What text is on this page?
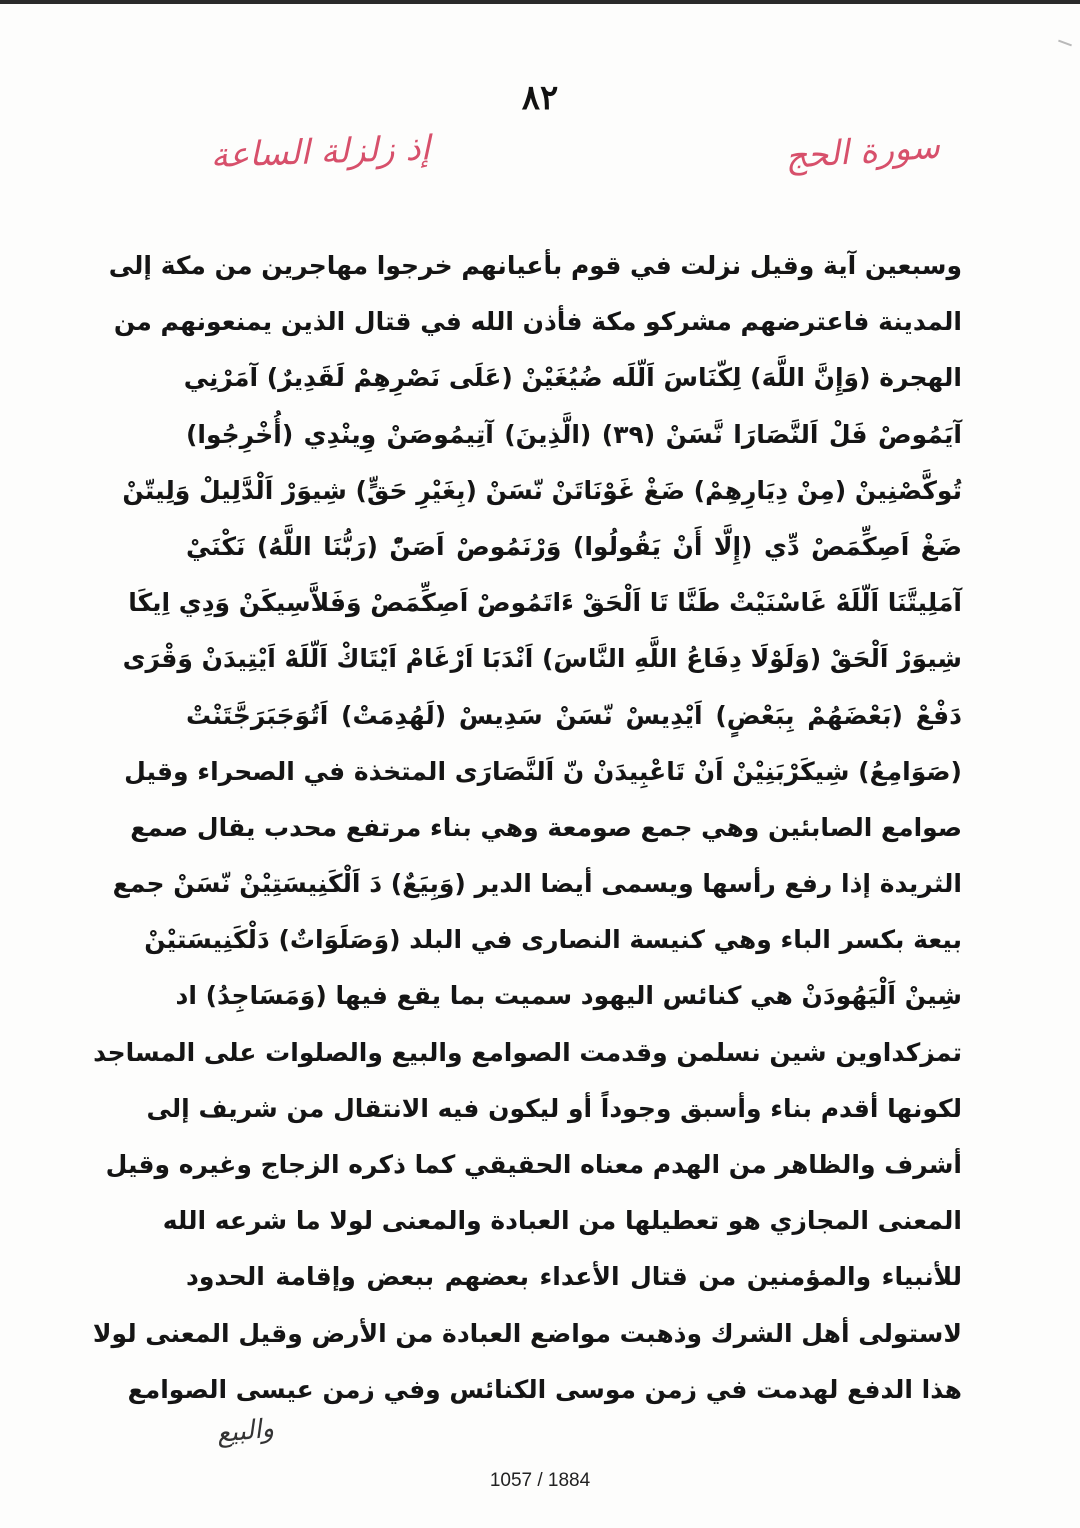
٨٢
سورة الحج
إذ زلزلة الساعة
وسبعين آية وقيل نزلت في قوم بأعيانهم خرجوا مهاجرين من مكة إلى
المدينة فاعترضهم مشركو مكة فأذن الله في قتال الذين يمنعونهم من
الهجرة (وَإِنَّ اللَّهَ) لِكّنَاسَ اَلّلَه ضُيُغَيْنْ (عَلَى نَصْرِهِمْ لَقَدِيرٌ) آمَرْنِي
آيَمُوصْ فَلْ اَلنَّصَارَا نَّسَنْ (٣٩) (الَّذِينَ) آتِيمُوصَنْ وِينْدِي (أُخْرِجُوا)
تُوكَّصْنِينْ (مِنْ دِيَارِهِمْ) ضَغْ غَوْنَاتَنْ نّسَنْ (بِغَيْرِ حَقٍّ) شِيوَرْ اَلْدَّلِيلْ وَلِيتّنْ
ضَغْ اَصِكِّمَصْ دِّي (إِلَّا أَنْ يَقُولُوا) وَرْنَمُوصْ اَصَنّْ (رَبُّنَا اللَّهُ) نَكْنَيْ
آمَلِيتَّنَا اَلّلَهْ غَاسْنَيْتْ طَنَّا تَا اَلْحَقْ ءَاتَمُوصْ اَصِكِّمَصْ وَفَلاَّسِيكَنْ وَدِي اِيكَا
شِيوَرْ اَلْحَقْ (وَلَوْلَا دِفَاعُ اللَّهِ النَّاسَ) اَنْدَبَا اَرْغَامْ اَيْتَاكْ اَلّلَهْ اَيْتِيدَنْ وَقْرَى
دَفْعْ (بَعْضَهُمْ بِبَعْضٍ) اَيْدِيسْ نّسَنْ سَدِيسْ (لَهُدِمَتْ) اَتُوَجَبَرَجَّتَنْتْ
(صَوَامِعُ) شِيكَرْبَنِيْنْ اَنْ تَاعْبِيدَنْ نّ اَلنَّصَارَى المتخذة في الصحراء وقيل
صوامع الصابئين وهي جمع صومعة وهي بناء مرتفع محدب يقال صمع
الثريدة إذا رفع رأسها ويسمى أيضا الدير (وَبِيَعٌ) دَ اَلْكَنِيسَتِيْنْ نّسَنْ جمع
بيعة بكسر الباء وهي كنيسة النصارى في البلد (وَصَلَوَاتٌ) دَلْكَنِيسَتيْنْ
شِينْ اَلْيَهُودَنْ هي كنائس اليهود سميت بما يقع فيها (وَمَسَاجِدُ) اد
تمزكداوين شين نسلمن وقدمت الصوامع والبيع والصلوات على المساجد
لكونها أقدم بناء وأسبق وجوداً أو ليكون فيه الانتقال من شريف إلى
أشرف والظاهر من الهدم معناه الحقيقي كما ذكره الزجاج وغيره وقيل
المعنى المجازي هو تعطيلها من العبادة والمعنى لولا ما شرعه الله
للأنبياء والمؤمنين من قتال الأعداء بعضهم ببعض وإقامة الحدود
لاستولى أهل الشرك وذهبت مواضع العبادة من الأرض وقيل المعنى لولا
هذا الدفع لهدمت في زمن موسى الكنائس وفي زمن عيسى الصوامع
والبيع
1057 / 1884
